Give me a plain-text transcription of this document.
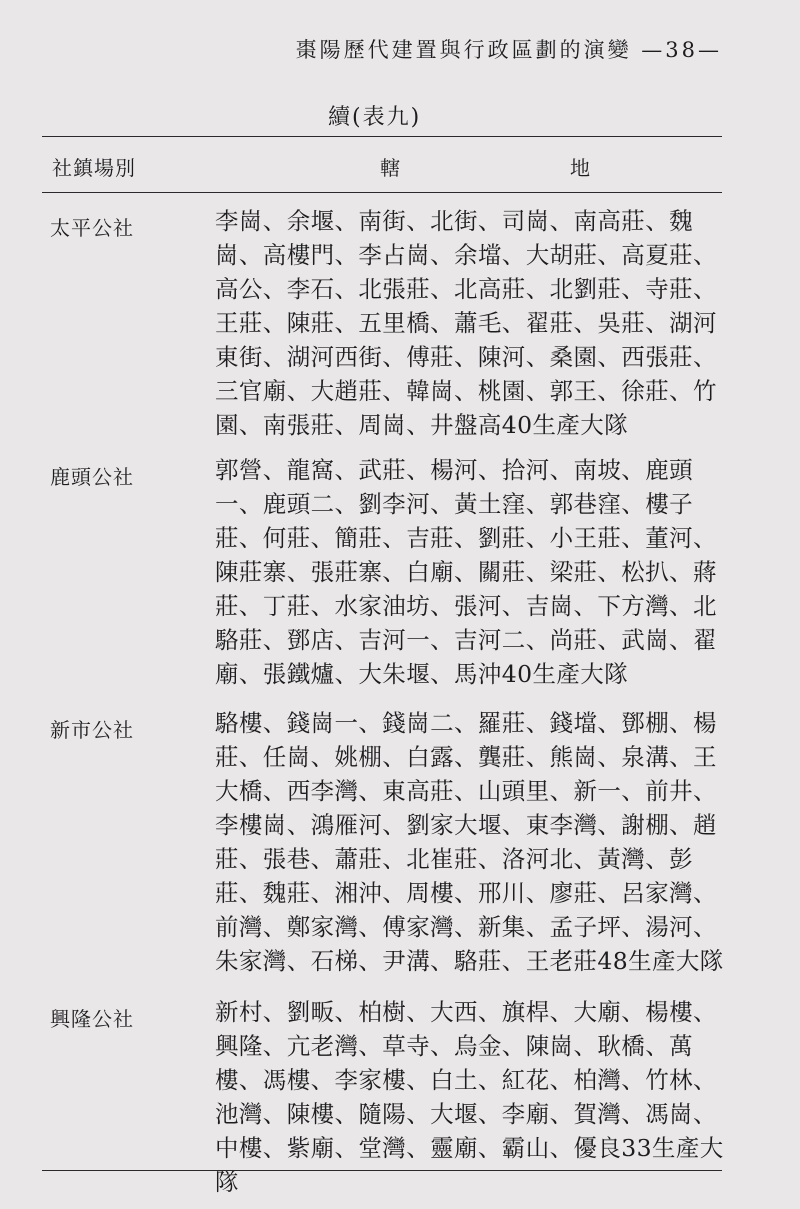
棗陽歷代建置與行政區劃的演變 —38—
續(表九)
社鎮場別	轄	地
太平公社	李崗、余堰、南街、北街、司崗、南高莊、魏崗、高樓門、李占崗、余壋、大胡莊、高夏莊、高公、李石、北張莊、北高莊、北劉莊、寺莊、王莊、陳莊、五里橋、蕭毛、翟莊、吳莊、湖河東街、湖河西街、傅莊、陳河、桑園、西張莊、三官廟、大趙莊、韓崗、桃園、郭王、徐莊、竹園、南張莊、周崗、井盤高40生產大隊
鹿頭公社	郭營、龍窩、武莊、楊河、拾河、南坡、鹿頭一、鹿頭二、劉李河、黃土窪、郭巷窪、樓子莊、何莊、簡莊、吉莊、劉莊、小王莊、董河、陳莊寨、張莊寨、白廟、關莊、梁莊、松扒、蔣莊、丁莊、水家油坊、張河、吉崗、下方灣、北駱莊、鄧店、吉河一、吉河二、尚莊、武崗、翟廟、張鐵爐、大朱堰、馬沖40生產大隊
新市公社	駱樓、錢崗一、錢崗二、羅莊、錢壋、鄧棚、楊莊、任崗、姚棚、白露、龔莊、熊崗、泉溝、王大橋、西李灣、東高莊、山頭里、新一、前井、李樓崗、鴻雁河、劉家大堰、東李灣、謝棚、趙莊、張巷、蕭莊、北崔莊、洛河北、黃灣、彭莊、魏莊、湘沖、周樓、邢川、廖莊、呂家灣、前灣、鄭家灣、傅家灣、新集、孟子坪、湯河、朱家灣、石梯、尹溝、駱莊、王老莊48生產大隊
興隆公社	新村、劉畈、柏樹、大西、旗桿、大廟、楊樓、興隆、亢老灣、草寺、烏金、陳崗、耿橋、萬樓、馮樓、李家樓、白土、紅花、柏灣、竹林、池灣、陳樓、隨陽、大堰、李廟、賀灣、馮崗、中樓、紫廟、堂灣、靈廟、霸山、優良33生產大隊
